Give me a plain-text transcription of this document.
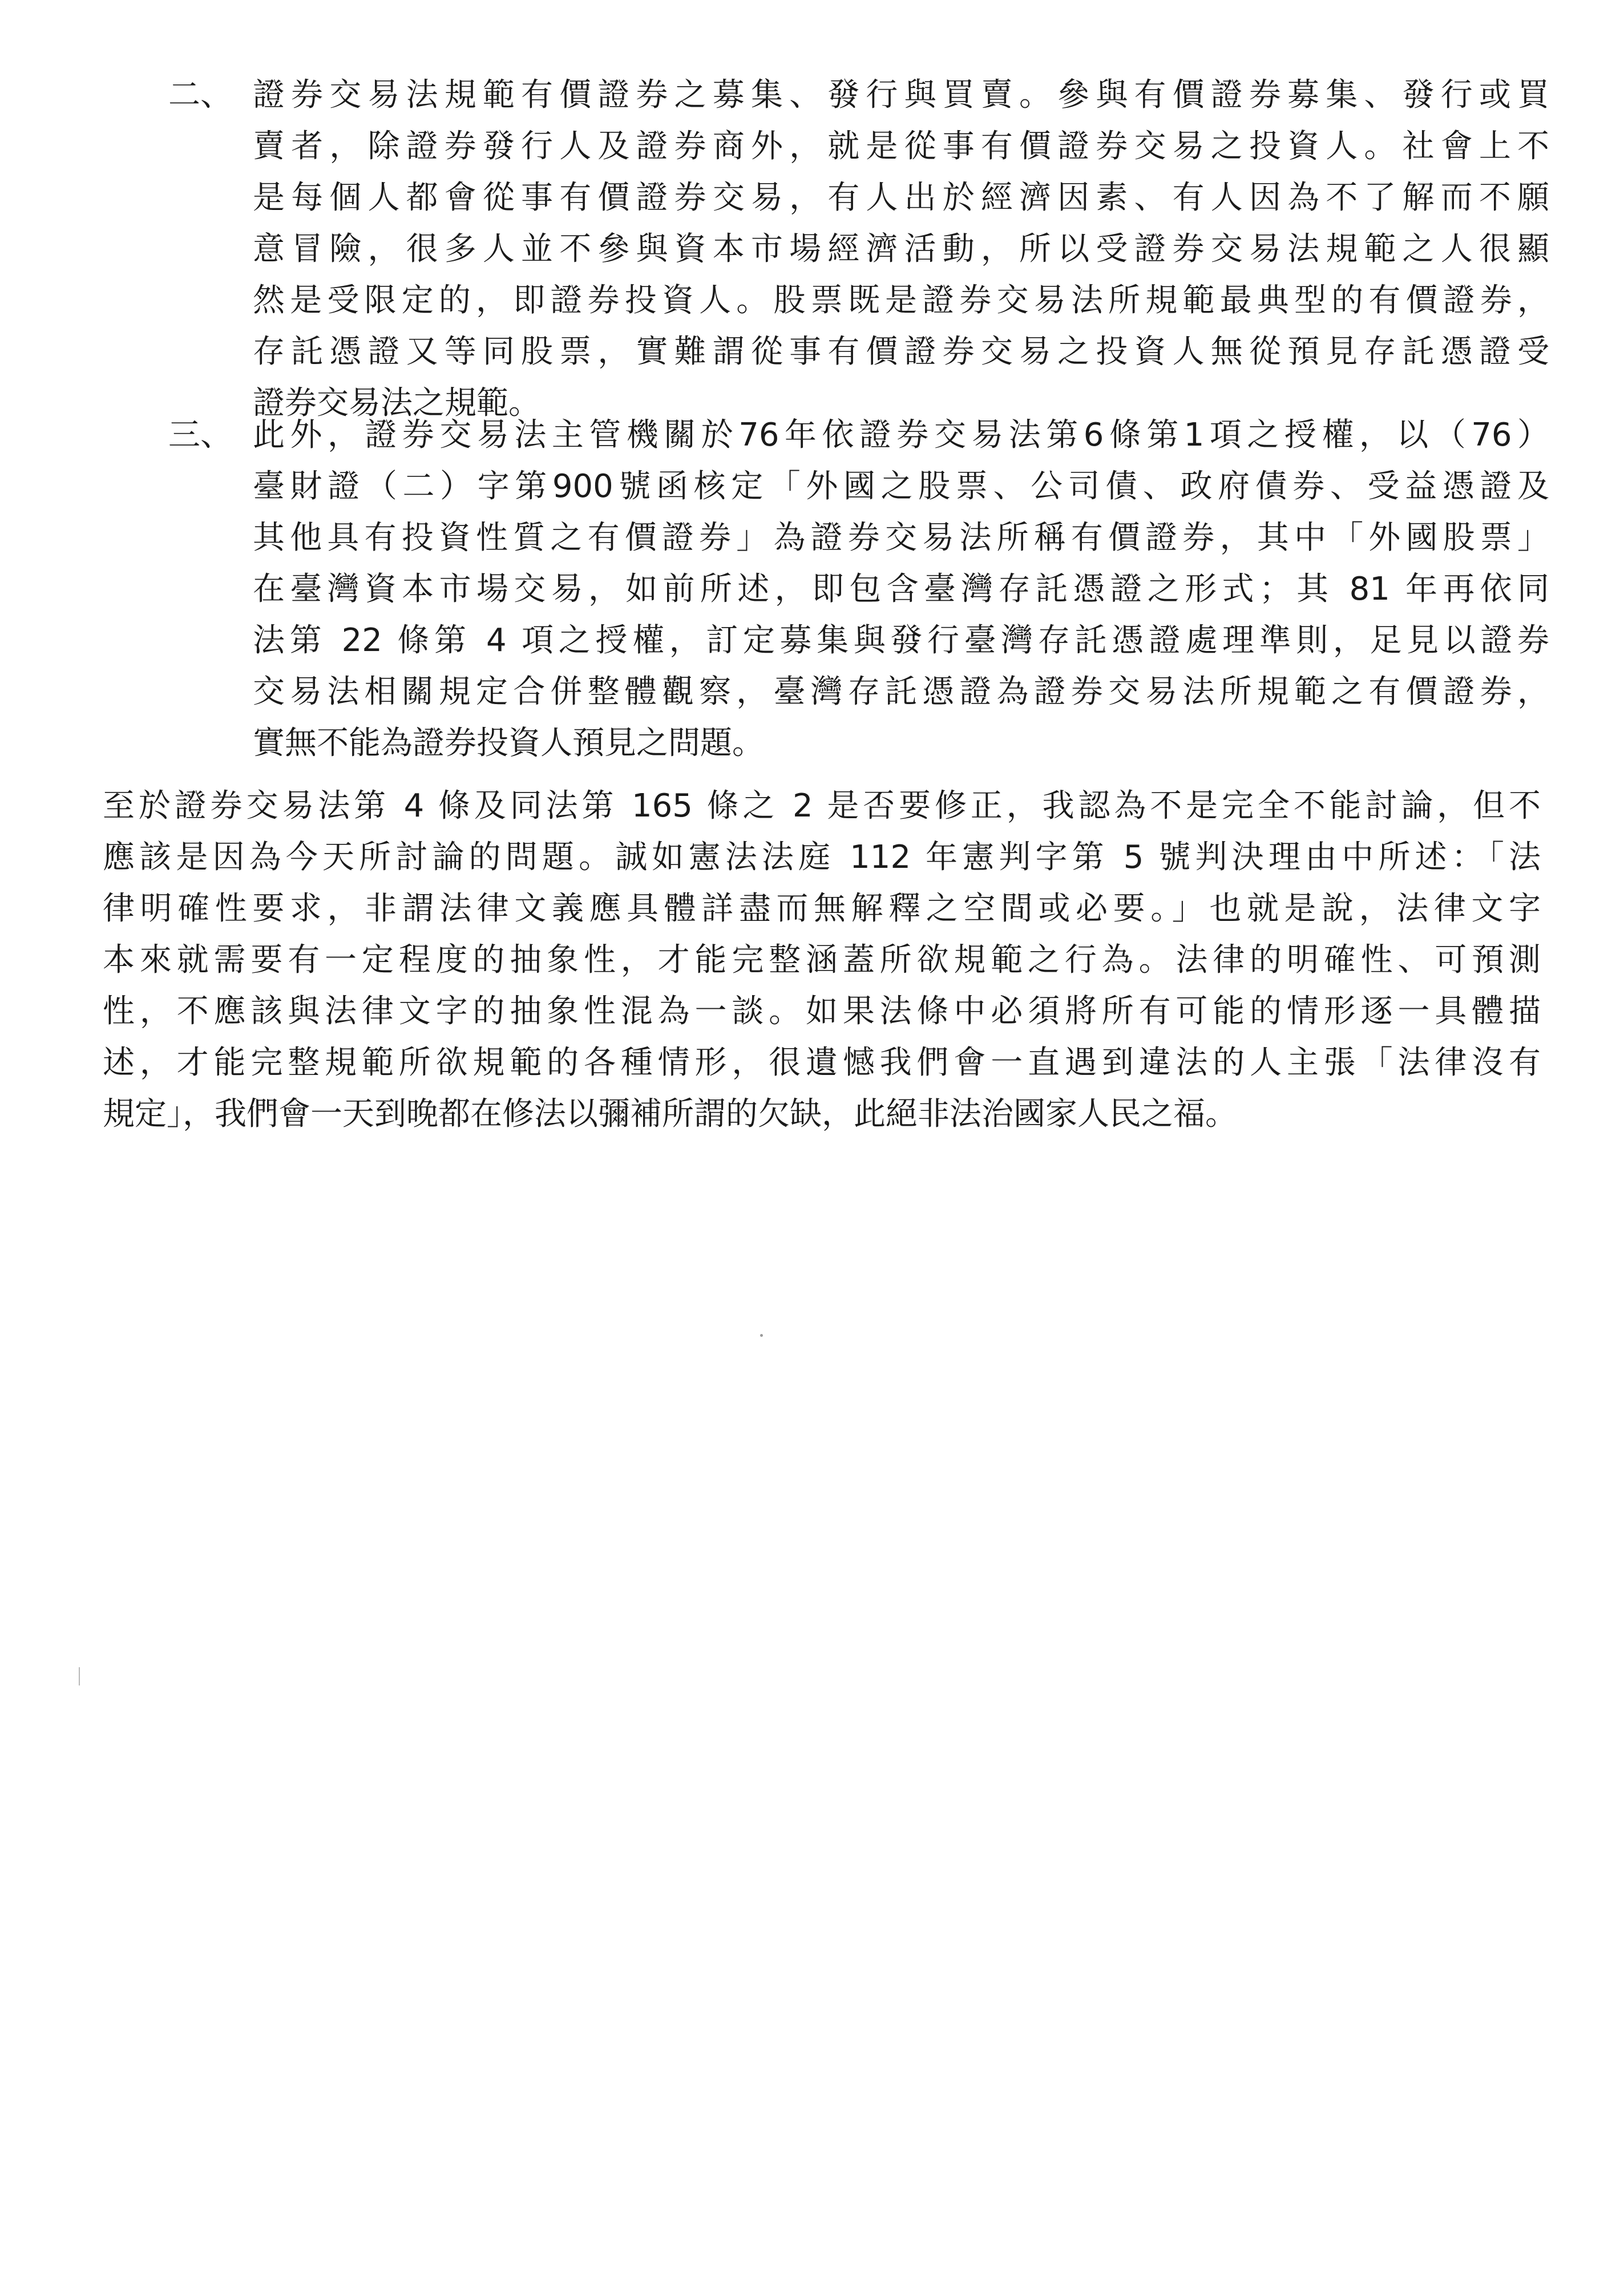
二、 證券交易法規範有價證券之募集、發行與買賣。參與有價證券募集、發行或買
賣者，除證券發行人及證券商外，就是從事有價證券交易之投資人。社會上不
是每個人都會從事有價證券交易，有人出於經濟因素、有人因為不了解而不願
意冒險，很多人並不參與資本市場經濟活動，所以受證券交易法規範之人很顯
然是受限定的，即證券投資人。股票既是證券交易法所規範最典型的有價證券，
存託憑證又等同股票，實難謂從事有價證券交易之投資人無從預見存託憑證受
證券交易法之規範。
三、 此外，證券交易法主管機關於76年依證券交易法第6條第1項之授權，以（76）
臺財證（二）字第900號函核定「外國之股票、公司債、政府債券、受益憑證及
其他具有投資性質之有價證券」為證券交易法所稱有價證券，其中「外國股票」
在臺灣資本市場交易，如前所述，即包含臺灣存託憑證之形式；其 81 年再依同
法第 22 條第 4 項之授權，訂定募集與發行臺灣存託憑證處理準則，足見以證券
交易法相關規定合併整體觀察，臺灣存託憑證為證券交易法所規範之有價證券，
實無不能為證券投資人預見之問題。
至於證券交易法第 4 條及同法第 165 條之 2 是否要修正，我認為不是完全不能討論，但不
應該是因為今天所討論的問題。誠如憲法法庭 112 年憲判字第 5 號判決理由中所述：「法
律明確性要求，非謂法律文義應具體詳盡而無解釋之空間或必要。」也就是說，法律文字
本來就需要有一定程度的抽象性，才能完整涵蓋所欲規範之行為。法律的明確性、可預測
性，不應該與法律文字的抽象性混為一談。如果法條中必須將所有可能的情形逐一具體描
述，才能完整規範所欲規範的各種情形，很遺憾我們會一直遇到違法的人主張「法律沒有
規定」，我們會一天到晚都在修法以彌補所謂的欠缺，此絕非法治國家人民之福。
